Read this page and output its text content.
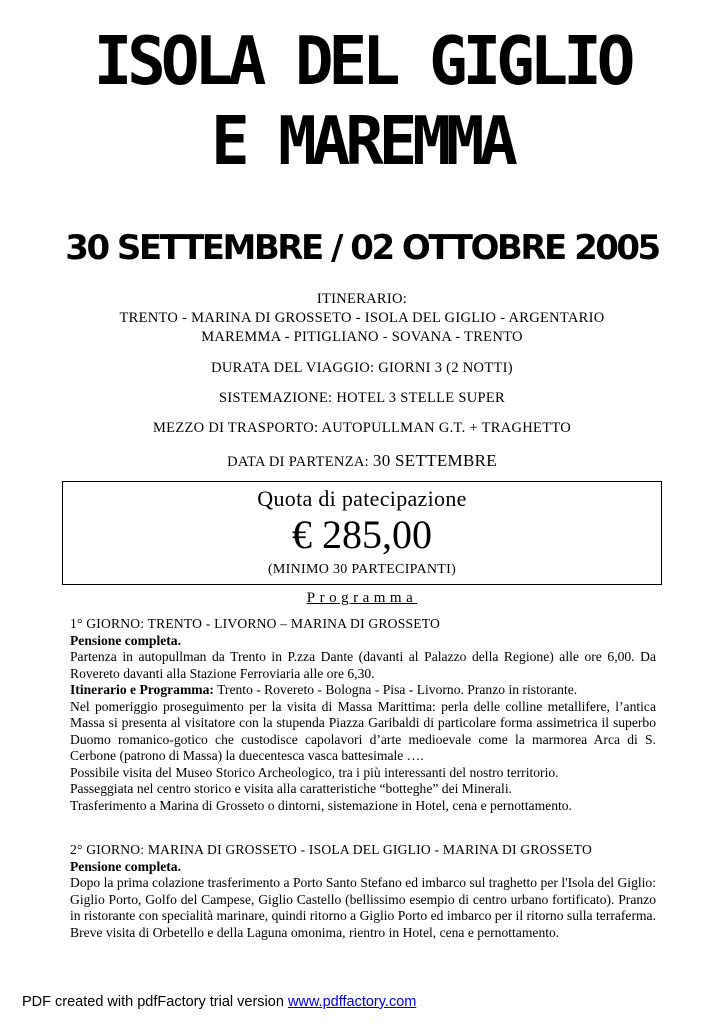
ISOLA DEL GIGLIO
E MAREMMA
30 SETTEMBRE / 02 OTTOBRE 2005
ITINERARIO:
TRENTO - MARINA DI GROSSETO - ISOLA DEL GIGLIO - ARGENTARIO
MAREMMA - PITIGLIANO - SOVANA - TRENTO
DURATA DEL VIAGGIO: GIORNI 3 (2 NOTTI)
SISTEMAZIONE: HOTEL 3 STELLE SUPER
MEZZO DI TRASPORTO: AUTOPULLMAN G.T. + TRAGHETTO
DATA DI PARTENZA: 30 SETTEMBRE
Quota di patecipazione
€ 285,00
(MINIMO 30 PARTECIPANTI)
Programma

1° GIORNO: TRENTO - LIVORNO – MARINA DI GROSSETO

Pensione completa.

Partenza in autopullman da Trento in P.zza Dante (davanti al Palazzo della Regione) alle ore 6,00. Da Rovereto davanti alla Stazione Ferroviaria alle ore 6,30.

Itinerario e Programma: Trento - Rovereto - Bologna - Pisa - Livorno. Pranzo in ristorante.

Nel pomeriggio proseguimento per la visita di Massa Marittima: perla delle colline metallifere, l’antica Massa si presenta al visitatore con la stupenda Piazza Garibaldi di particolare forma assimetrica il superbo Duomo romanico-gotico che custodisce capolavori d’arte medioevale come la marmorea Arca di S. Cerbone (patrono di Massa) la duecentesca vasca battesimale ….

Possibile visita del Museo Storico Archeologico, tra i più interessanti del nostro territorio.

Passeggiata nel centro storico e visita alla caratteristiche “botteghe” dei Minerali.

Trasferimento a Marina di Grosseto o dintorni, sistemazione in Hotel, cena e pernottamento.

2° GIORNO: MARINA DI GROSSETO - ISOLA DEL GIGLIO - MARINA DI GROSSETO

Pensione completa.

Dopo la prima colazione trasferimento a Porto Santo Stefano ed imbarco sul traghetto per l'Isola del Giglio: Giglio Porto, Golfo del Campese, Giglio Castello (bellissimo esempio di centro urbano fortificato). Pranzo in ristorante con specialità marinare, quindi ritorno a Giglio Porto ed imbarco per il ritorno sulla terraferma. Breve visita di Orbetello e della Laguna omonima, rientro in Hotel, cena e pernottamento.

PDF created with pdfFactory trial version www.pdffactory.com
